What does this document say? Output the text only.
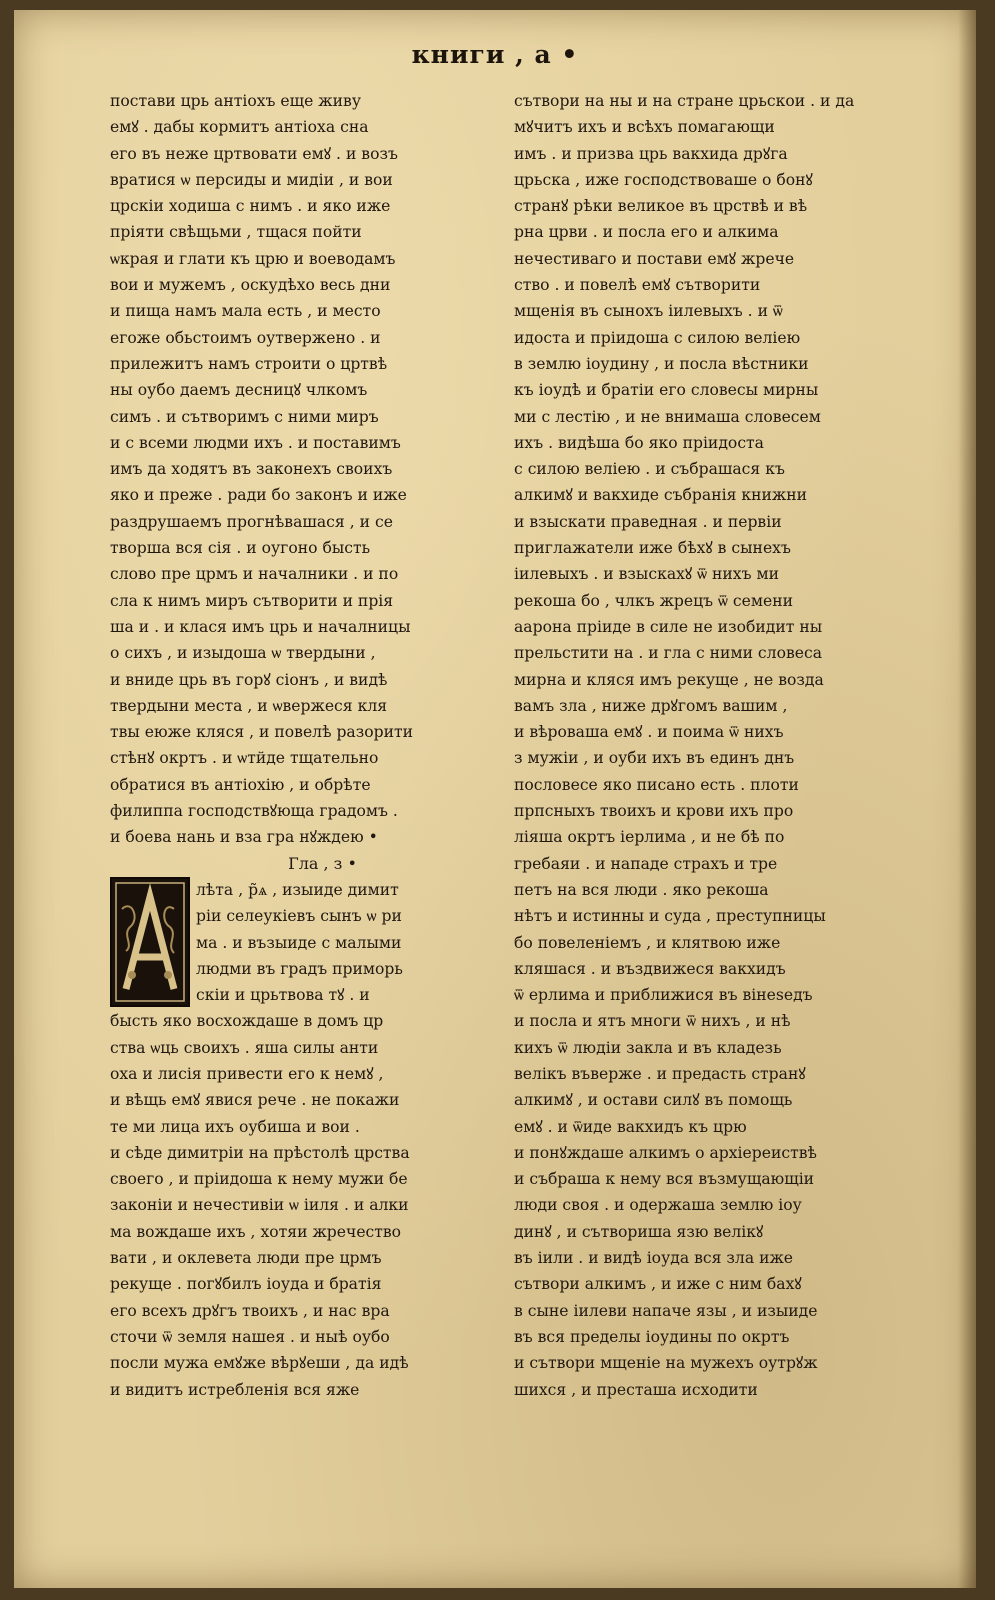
книги , а •
постави црь антiохъ еще живу
емꙋ . дабы кормитъ антiоха сна
его въ нежe цртвовати емꙋ . и возъ
вратися ѡ персиды и мидiи , и вои
црскiи ходиша с нимъ . и яко иже
прiяти свѣщьми , тщася пойти
ѡкрая и глати къ црю и воеводамъ
вои и мужемъ , оскудѣхо весь дни
и пища намъ мала есть , и место
егоже обьстоимъ оутвержено . и
прилежитъ намъ строити о цртвѣ
ны оубо даемъ десницꙋ члкомъ
симъ . и сътворимъ с ними миръ
и с всеми людми ихъ . и поставимъ
имъ да ходятъ въ законехъ своихъ
яко и прежe . ради бо законъ и иже
раздрушаемъ прогнѣвашася , и се
творша вся сiя . и оугоно бысть
слово пре црмъ и началники . и по
сла к нимъ миръ сътворити и прiя
ша и . и клася имъ црь и началницы
о сихъ , и изыдоша ѡ твердыни ,
и вниде црь въ горꙋ сiонъ , и видѣ
твердыни места , и ѡвержеся кля
твы еюже кляся , и повелѣ разорити
стѣнꙋ окртъ . и ѡтйде тщательно
обратися въ антiохiю , и обрѣте
филиппа господствꙋюща градомъ .
и боева нань и вза гра нꙋждею •
Гла , з •
лѣта , р̃ѧ , изыиде димит
рiи селеукiевъ сынъ ѡ ри
ма . и възыиде с малыми
людми въ градъ приморь
скiи и црьтвова тꙋ . и
бысть яко восхождаше в домъ цр
ства ѡць своихъ . яша силы анти
оха и лисiя привести его к немꙋ ,
и вѣщь емꙋ явися рече . не покажи
те ми лица ихъ оубиша и вои .
и сѣде димитрiи на прѣстолѣ црства
своего , и прiидоша к нему мужи бе
законiи и нечестивiи ѡ iиля . и алки
ма вождаше ихъ , хотяи жречество
вати , и оклевета люди пре црмъ
рекуще . погꙋбилъ iоуда и братiя
его всехъ дрꙋгъ твоихъ , и нас вра
сточи ѿ земля нашея . и ныѣ оубо
посли мужа емꙋже вѣрꙋеши , да идѣ
и видитъ истребленiя вся яже
сътвори на ны и на стране црьскои . и да
мꙋчитъ ихъ и всѣхъ помагающи
имъ . и призва црь вакхида дрꙋга
црьска , иже господствоваше о бонꙋ
странꙋ рѣки великое въ црствѣ и вѣ
рна црви . и посла его и алкима
нечестиваго и постави емꙋ жрече
ство . и повелѣ емꙋ сътворити
мщенiя въ сынохъ iилевыхъ . и ѿ
идоста и прiидоша с силою велiею
в землю iоудину , и посла вѣстники
къ iоудѣ и братiи его словесы мирны
ми с лестiю , и не внимаша словесем
ихъ . видѣша бо яко прiидоста
с силою велiею . и събрашася къ
алкимꙋ и вакхиде събранiя книжни
и взыскати праведная . и первiи
приглажатели иже бѣхꙋ в сынехъ
iилевыхъ . и взыскахꙋ ѿ нихъ ми
рекоша бо , члкъ жрецъ ѿ семени
аарона прiиде в силе не изобидит ны
прельстити на . и гла с ними словеса
мирна и кляся имъ рекуще , не возда
вамъ зла , ниже дрꙋгомъ вашим ,
и вѣроваша емꙋ . и поима ѿ нихъ
з мужiи , и оуби ихъ въ единъ днъ
пословесе яко писано есть . плоти
прпсныхъ твоихъ и крови ихъ про
лiяша окртъ iерлима , и не бѣ по
гребаяи . и нападе страхъ и тре
петъ на вся люди . яко рекоша
нѣтъ и истинны и суда , преступницы
бо повеленiемъ , и клятвою иже
кляшася . и въздвижеся вакхидъ
ѿ ерлима и приближися въ вiнеѕедъ
и посла и ятъ многи ѿ нихъ , и нѣ
кихъ ѿ людiи закла и въ кладезь
велiкъ въверже . и предасть странꙋ
алкимꙋ , и остави силꙋ въ помощь
емꙋ . и ѿиде вакхидъ къ црю
и понꙋждаше алкимъ о архiереиствѣ
и събраша к нему вся възмущающiи
люди своя . и одержаша землю iоу
динꙋ , и сътвориша язю велiкꙋ
въ iили . и видѣ iоуда вся зла иже
сътвори алкимъ , и иже с ним бахꙋ
в сыне iилеви напаче язы , и изыиде
въ вся пределы iоудины по окртъ
и сътвори мщенiе на мужехъ оутрꙋж
шихся , и престаша исходити
